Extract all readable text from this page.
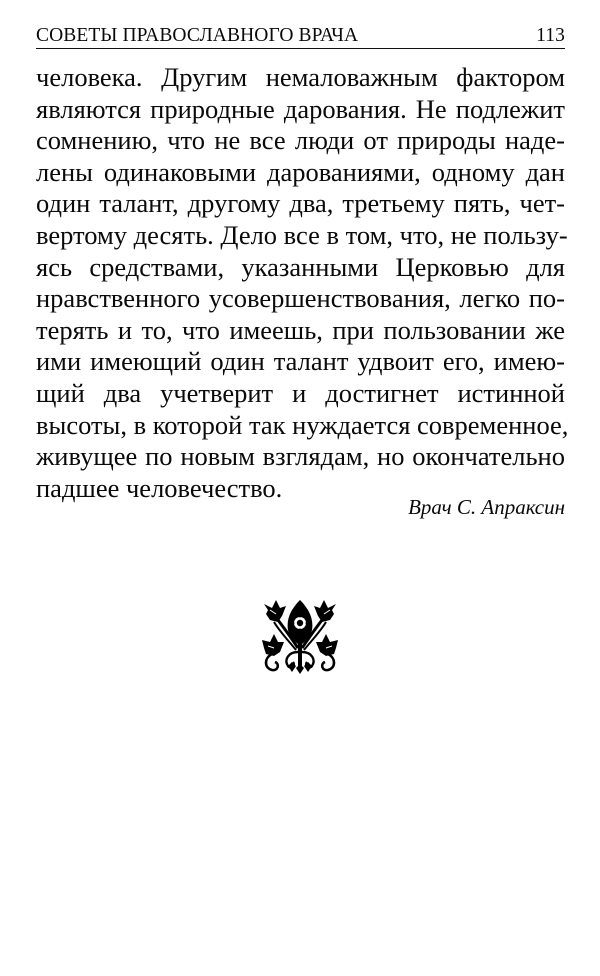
СОВЕТЫ ПРАВОСЛАВНОГО ВРАЧА	113
человека. Другим немаловажным фактором
являются природные дарования. Не подлежит
сомнению, что не все люди от природы наде-
лены одинаковыми дарованиями, одному дан
один талант, другому два, третьему пять, чет-
вертому десять. Дело все в том, что, не пользу-
ясь средствами, указанными Церковью для
нравственного усовершенствования, легко по-
терять и то, что имеешь, при пользовании же
ими имеющий один талант удвоит его, имею-
щий два учетверит и достигнет истинной
высоты, в которой так нуждается современное,
живущее по новым взглядам, но окончательно
падшее человечество.
Врач С. Апраксин
